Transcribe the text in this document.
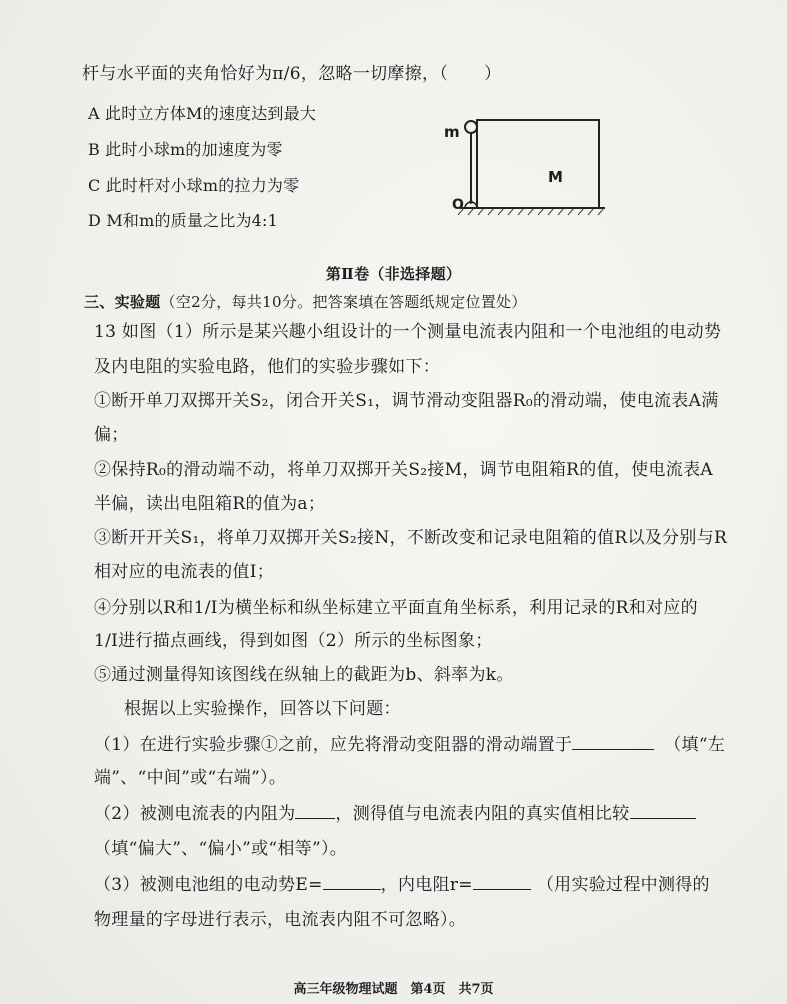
杆与水平面的夹角恰好为π/6，忽略一切摩擦，（ ）
A 此时立方体M的速度达到最大
B 此时小球m的加速度为零
C 此时杆对小球m的拉力为零
D M和m的质量之比为4:1
m
M
O
第Ⅱ卷（非选择题）
三、实验题（空2分，每共10分。把答案填在答题纸规定位置处）
13 如图（1）所示是某兴趣小组设计的一个测量电流表内阻和一个电池组的电动势
及内电阻的实验电路，他们的实验步骤如下：
①断开单刀双掷开关S₂，闭合开关S₁，调节滑动变阻器R₀的滑动端，使电流表A满
偏；
②保持R₀的滑动端不动，将单刀双掷开关S₂接M，调节电阻箱R的值，使电流表A
半偏，读出电阻箱R的值为a；
③断开开关S₁，将单刀双掷开关S₂接N，不断改变和记录电阻箱的值R以及分别与R
相对应的电流表的值I；
④分别以R和1/I为横坐标和纵坐标建立平面直角坐标系，利用记录的R和对应的
1/I进行描点画线，得到如图（2）所示的坐标图象；
⑤通过测量得知该图线在纵轴上的截距为b、斜率为k。
根据以上实验操作，回答以下问题：
（1）在进行实验步骤①之前，应先将滑动变阻器的滑动端置于	（填“左
端”、“中间”或“右端”）。
（2）被测电流表的内阻为 ，测得值与电流表内阻的真实值相比较
（填“偏大”、“偏小”或“相等”）。
（3）被测电池组的电动势E=	，内电阻r=	（用实验过程中测得的
物理量的字母进行表示，电流表内阻不可忽略）。
高三年级物理试题　第4页　共7页
